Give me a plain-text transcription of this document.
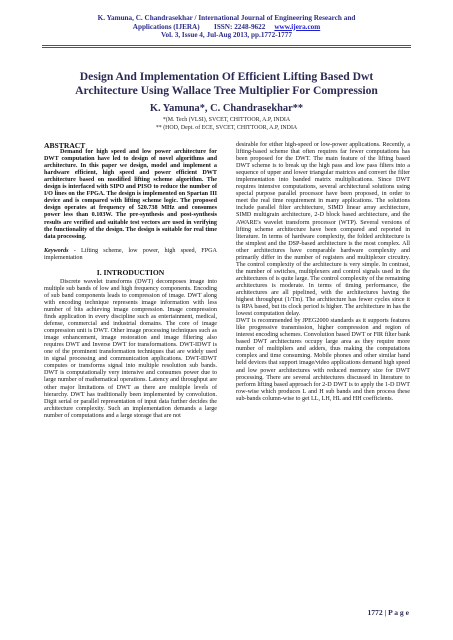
K. Yamuna, C. Chandrasekhar / International Journal of Engineering Research and
Applications (IJERA)        ISSN: 2248-9622     www.ijera.com
Vol. 3, Issue 4, Jul-Aug 2013, pp.1772-1777
Design And Implementation Of Efficient Lifting Based Dwt
Architecture Using Wallace Tree Multiplier For Compression
K. Yamuna*, C. Chandrasekhar**
*(M. Tech (VLSI), SVCET, CHITTOOR, A.P, INDIA
** (HOD, Dept. of ECE, SVCET, CHITTOOR, A.P, INDIA

ABSTRACT

Demand for high speed and low power architecture for DWT computation have led to design of novel algorithms and architecture. In this paper we design, model and implement a hardware efficient, high speed and power efficient DWT architecture based on modified lifting scheme algorithm. The design is interfaced with SIPO and PISO to reduce the number of I/O lines on the FPGA. The design is implemented on Spartan III device and is compared with lifting scheme logic. The proposed design operates at frequency of 520.738 MHz and consumes power less than 0.103W. The pre-synthesis and post-synthesis results are verified and suitable test vectors are used in verifying the functionality of the design. The design is suitable for real time data processing.

Keywords - Lifting scheme, low power, high speed, FPGA implementation

I. INTRODUCTION

Discrete wavelet transforms (DWT) decomposes image into multiple sub bands of low and high frequency components. Encoding of sub band components leads to compression of image. DWT along with encoding technique represents image information with less number of bits achieving image compression. Image compression finds application in every discipline such as entertainment, medical, defense, commercial and industrial domains. The core of image compression unit is DWT. Other image processing techniques such as image enhancement, image restoration and image filtering also requires DWT and Inverse DWT for transformations. DWT-IDWT is one of the prominent transformation techniques that are widely used in signal processing and communication applications. DWT-IDWT computes or transforms signal into multiple resolution sub bands. DWT is computationally very intensive and consumes power due to large number of mathematical operations. Latency and throughput are other major limitations of DWT as there are multiple levels of hierarchy. DWT has traditionally been implemented by convolution. Digit serial or parallel representation of input data further decides the architecture complexity. Such an implementation demands a large number of computations and a large storage that are not

desirable for either high-speed or low-power applications. Recently, a lifting-based scheme that often requires far fewer computations has been proposed for the DWT. The main feature of the lifting based DWT scheme is to break up the high pass and low pass filters into a sequence of upper and lower triangular matrices and convert the filter implementation into banded matrix multiplications. Since DWT requires intensive computations, several architectural solutions using special purpose parallel processor have been proposed, in order to meet the real time requirement in many applications. The solutions include parallel filter architecture, SIMD linear array architecture, SIMD multigrain architecture, 2-D block based architecture, and the AWARE's wavelet transform processor (WTP). Several versions of lifting scheme architecture have been compared and reported in literature. In terms of hardware complexity, the folded architecture is the simplest and the DSP-based architecture is the most complex. All other architectures have comparable hardware complexity and primarily differ in the number of registers and multiplexer circuitry. The control complexity of the architecture is very simple. In contrast, the number of switches, multiplexers and control signals used in the architectures of is quite large. The control complexity of the remaining architectures is moderate. In terms of timing performance, the architectures are all pipelined, with the architectures having the highest throughput (1/Tm). The architecture has fewer cycles since it is RPA based, but its clock period is higher. The architecture in has the lowest computation delay.

DWT is recommended by JPEG2000 standards as it supports features like progressive transmission, higher compression and region of interest encoding schemes. Convolution based DWT or FIR filter bank based DWT architectures occupy large area as they require more number of multipliers and adders, thus making the computations complex and time consuming. Mobile phones and other similar hand held devices that support image/video applications demand high speed and low power architectures with reduced memory size for DWT processing. There are several architectures discussed in literature to perform lifting based approach for 2-D DWT is to apply the 1-D DWT row-wise which produces L and H sub bands and then process these sub-bands column-wise to get LL, LH, HL and HH coefficients.

1772 | P a g e
